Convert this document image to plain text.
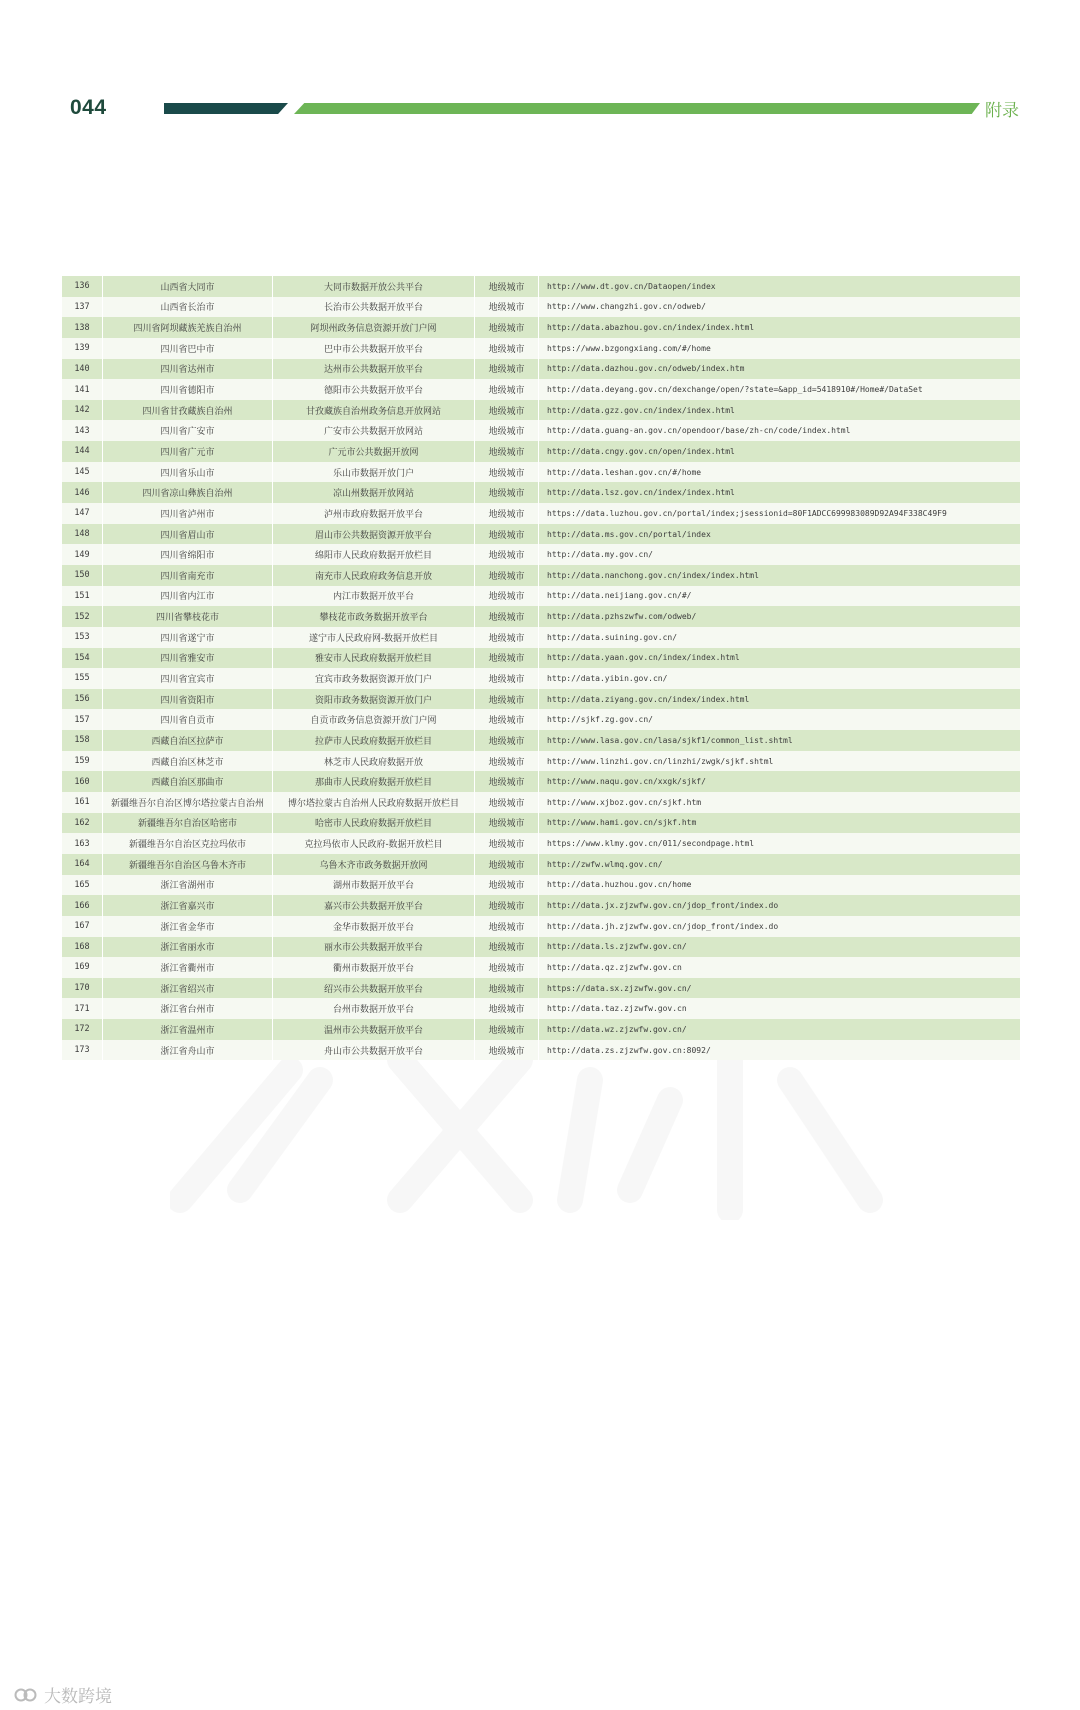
044	附录
136	山西省大同市	大同市数据开放公共平台	地级城市	http://www.dt.gov.cn/Dataopen/index
137	山西省长治市	长治市公共数据开放平台	地级城市	http://www.changzhi.gov.cn/odweb/
138	四川省阿坝藏族羌族自治州	阿坝州政务信息资源开放门户网	地级城市	http://data.abazhou.gov.cn/index/index.html
139	四川省巴中市	巴中市公共数据开放平台	地级城市	https://www.bzgongxiang.com/#/home
140	四川省达州市	达州市公共数据开放平台	地级城市	http://data.dazhou.gov.cn/odweb/index.htm
141	四川省德阳市	德阳市公共数据开放平台	地级城市	http://data.deyang.gov.cn/dexchange/open/?state=&app_id=5418910#/Home#/DataSet
142	四川省甘孜藏族自治州	甘孜藏族自治州政务信息开放网站	地级城市	http://data.gzz.gov.cn/index/index.html
143	四川省广安市	广安市公共数据开放网站	地级城市	http://data.guang-an.gov.cn/opendoor/base/zh-cn/code/index.html
144	四川省广元市	广元市公共数据开放网	地级城市	http://data.cngy.gov.cn/open/index.html
145	四川省乐山市	乐山市数据开放门户	地级城市	http://data.leshan.gov.cn/#/home
146	四川省凉山彝族自治州	凉山州数据开放网站	地级城市	http://data.lsz.gov.cn/index/index.html
147	四川省泸州市	泸州市政府数据开放平台	地级城市	https://data.luzhou.gov.cn/portal/index;jsessionid=80F1ADCC699983089D92A94F338C49F9
148	四川省眉山市	眉山市公共数据资源开放平台	地级城市	http://data.ms.gov.cn/portal/index
149	四川省绵阳市	绵阳市人民政府数据开放栏目	地级城市	http://data.my.gov.cn/
150	四川省南充市	南充市人民政府政务信息开放	地级城市	http://data.nanchong.gov.cn/index/index.html
151	四川省内江市	内江市数据开放平台	地级城市	http://data.neijiang.gov.cn/#/
152	四川省攀枝花市	攀枝花市政务数据开放平台	地级城市	http://data.pzhszwfw.com/odweb/
153	四川省遂宁市	遂宁市人民政府网-数据开放栏目	地级城市	http://data.suining.gov.cn/
154	四川省雅安市	雅安市人民政府数据开放栏目	地级城市	http://data.yaan.gov.cn/index/index.html
155	四川省宜宾市	宜宾市政务数据资源开放门户	地级城市	http://data.yibin.gov.cn/
156	四川省资阳市	资阳市政务数据资源开放门户	地级城市	http://data.ziyang.gov.cn/index/index.html
157	四川省自贡市	自贡市政务信息资源开放门户网	地级城市	http://sjkf.zg.gov.cn/
158	西藏自治区拉萨市	拉萨市人民政府数据开放栏目	地级城市	http://www.lasa.gov.cn/lasa/sjkf1/common_list.shtml
159	西藏自治区林芝市	林芝市人民政府数据开放	地级城市	http://www.linzhi.gov.cn/linzhi/zwgk/sjkf.shtml
160	西藏自治区那曲市	那曲市人民政府数据开放栏目	地级城市	http://www.naqu.gov.cn/xxgk/sjkf/
161	新疆维吾尔自治区博尔塔拉蒙古自治州	博尔塔拉蒙古自治州人民政府数据开放栏目	地级城市	http://www.xjboz.gov.cn/sjkf.htm
162	新疆维吾尔自治区哈密市	哈密市人民政府数据开放栏目	地级城市	http://www.hami.gov.cn/sjkf.htm
163	新疆维吾尔自治区克拉玛依市	克拉玛依市人民政府-数据开放栏目	地级城市	https://www.klmy.gov.cn/011/secondpage.html
164	新疆维吾尔自治区乌鲁木齐市	乌鲁木齐市政务数据开放网	地级城市	http://zwfw.wlmq.gov.cn/
165	浙江省湖州市	湖州市数据开放平台	地级城市	http://data.huzhou.gov.cn/home
166	浙江省嘉兴市	嘉兴市公共数据开放平台	地级城市	http://data.jx.zjzwfw.gov.cn/jdop_front/index.do
167	浙江省金华市	金华市数据开放平台	地级城市	http://data.jh.zjzwfw.gov.cn/jdop_front/index.do
168	浙江省丽水市	丽水市公共数据开放平台	地级城市	http://data.ls.zjzwfw.gov.cn/
169	浙江省衢州市	衢州市数据开放平台	地级城市	http://data.qz.zjzwfw.gov.cn
170	浙江省绍兴市	绍兴市公共数据开放平台	地级城市	https://data.sx.zjzwfw.gov.cn/
171	浙江省台州市	台州市数据开放平台	地级城市	http://data.taz.zjzwfw.gov.cn
172	浙江省温州市	温州市公共数据开放平台	地级城市	http://data.wz.zjzwfw.gov.cn/
173	浙江省舟山市	舟山市公共数据开放平台	地级城市	http://data.zs.zjzwfw.gov.cn:8092/
大数跨境
